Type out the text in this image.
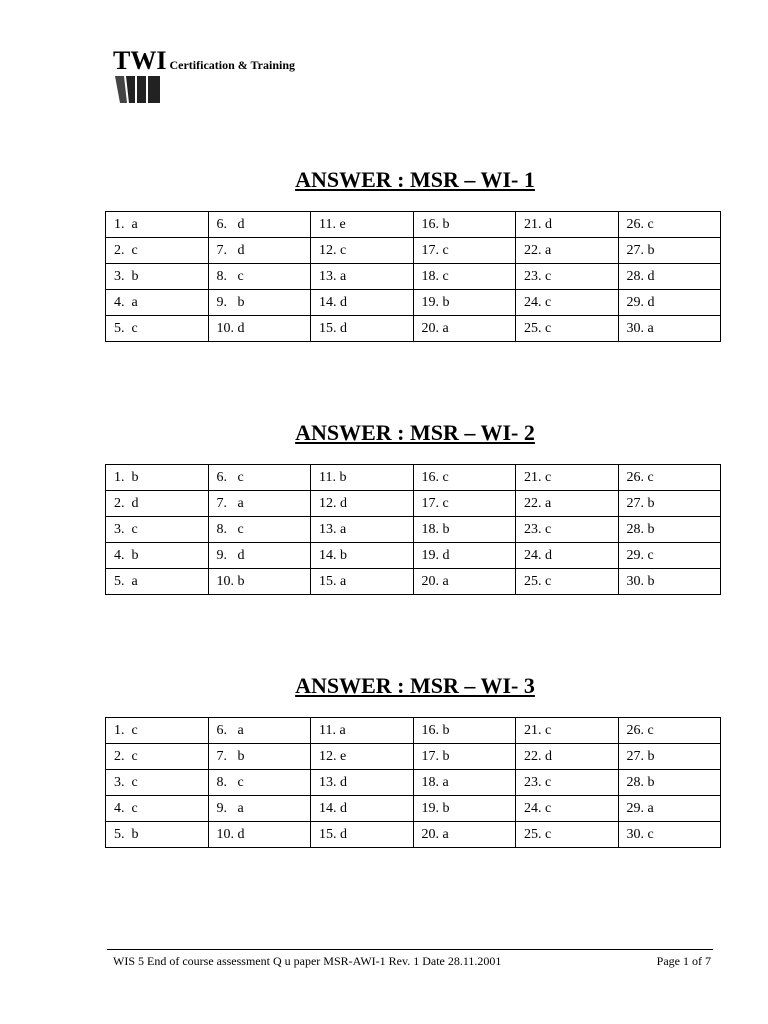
TWI Certification & Training
ANSWER : MSR – WI- 1
1.  a	6.   d	11. e	16. b	21. d	26. c
2.  c	7.   d	12. c	17. c	22. a	27. b
3.  b	8.   c	13. a	18. c	23. c	28. d
4.  a	9.   b	14. d	19. b	24. c	29. d
5.  c	10. d	15. d	20. a	25. c	30. a
ANSWER : MSR – WI- 2
1.  b	6.   c	11. b	16. c	21. c	26. c
2.  d	7.   a	12. d	17. c	22. a	27. b
3.  c	8.   c	13. a	18. b	23. c	28. b
4.  b	9.   d	14. b	19. d	24. d	29. c
5.  a	10. b	15. a	20. a	25. c	30. b
ANSWER : MSR – WI- 3
1.  c	6.   a	11. a	16. b	21. c	26. c
2.  c	7.   b	12. e	17. b	22. d	27. b
3.  c	8.   c	13. d	18. a	23. c	28. b
4.  c	9.   a	14. d	19. b	24. c	29. a
5.  b	10. d	15. d	20. a	25. c	30. c
WIS 5 End of course assessment Q u paper MSR-AWI-1 Rev. 1 Date 28.11.2001	Page 1 of 7
